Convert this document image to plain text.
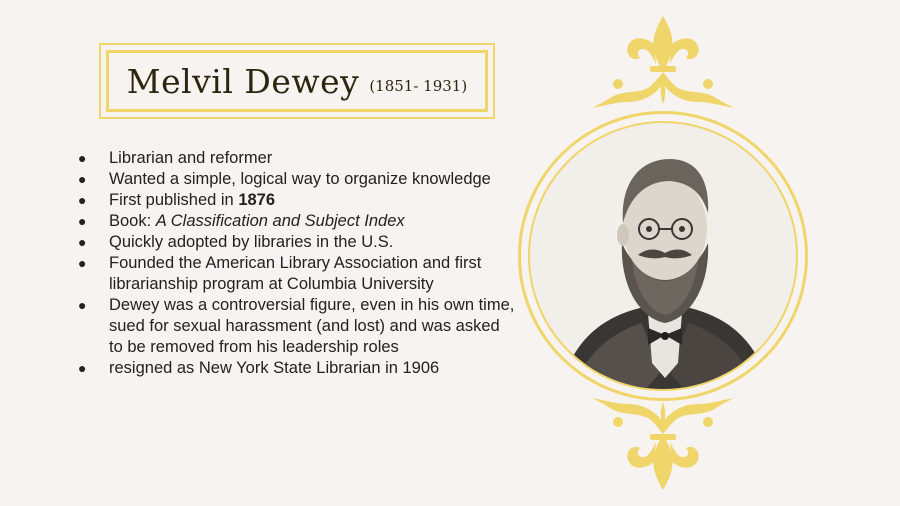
Melvil Dewey (1851- 1931)
● Librarian and reformer
● Wanted a simple, logical way to organize knowledge
● First published in 1876
● Book: A Classification and Subject Index
● Quickly adopted by libraries in the U.S.
● Founded the American Library Association and first librarianship program at Columbia University
● Dewey was a controversial figure, even in his own time, sued for sexual harassment (and lost) and was asked to be removed from his leadership roles
● resigned as New York State Librarian in 1906
